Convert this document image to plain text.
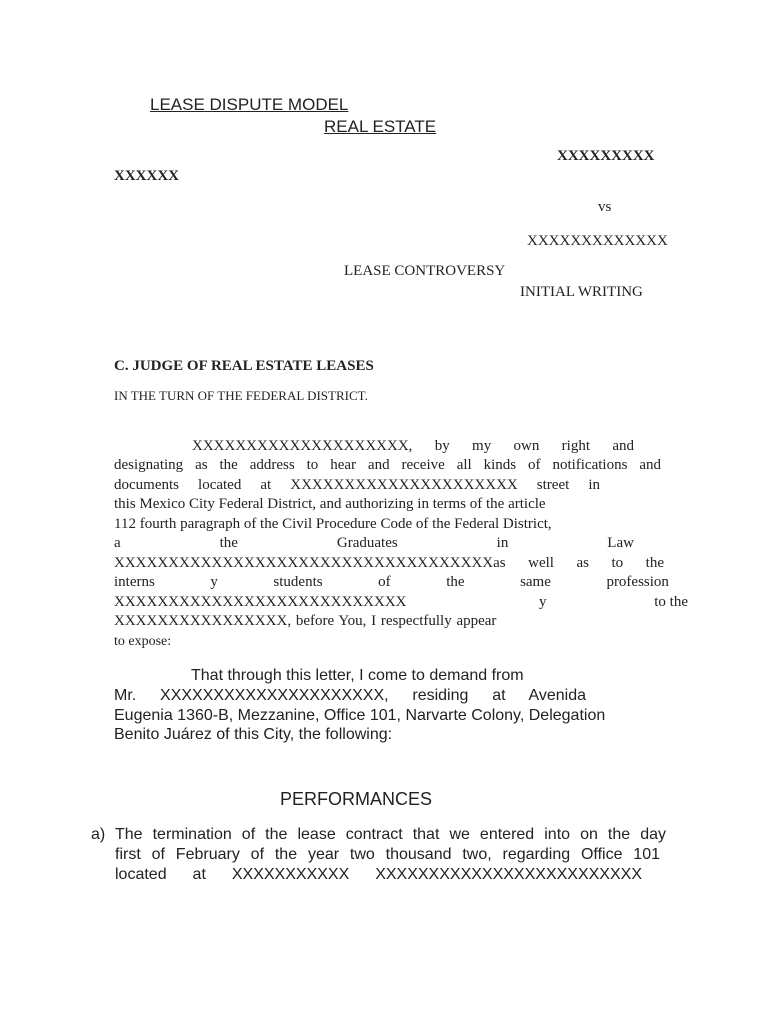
LEASE DISPUTE MODEL
REAL ESTATE
XXXXXXXXX
XXXXXX
vs
XXXXXXXXXXXXX
LEASE CONTROVERSY
INITIAL WRITING
C. JUDGE OF REAL ESTATE LEASES
IN THE TURN OF THE FEDERAL DISTRICT.
XXXXXXXXXXXXXXXXXXXX, by my own right and
designating as the address to hear and receive all kinds of notifications and
documents located at XXXXXXXXXXXXXXXXXXXXX street in
this Mexico City Federal District, and authorizing in terms of the article
112 fourth paragraph of the Civil Procedure Code of the Federal District,
a	the	Graduates	in	Law
XXXXXXXXXXXXXXXXXXXXXXXXXXXXXXXXXXXas well as to the
interns	y	students	of	the	same	profession
XXXXXXXXXXXXXXXXXXXXXXXXXXX	y	to the
XXXXXXXXXXXXXXXX, before You, I respectfully appear
to expose:
That through this letter, I come to demand from
Mr. XXXXXXXXXXXXXXXXXXXXX, residing at Avenida
Eugenia 1360-B, Mezzanine, Office 101, Narvarte Colony, Delegation
Benito Juárez of this City, the following:
PERFORMANCES
a) The termination of the lease contract that we entered into on the day
first of February of the year two thousand two, regarding Office 101
located at XXXXXXXXXXX XXXXXXXXXXXXXXXXXXXXXXXXX
